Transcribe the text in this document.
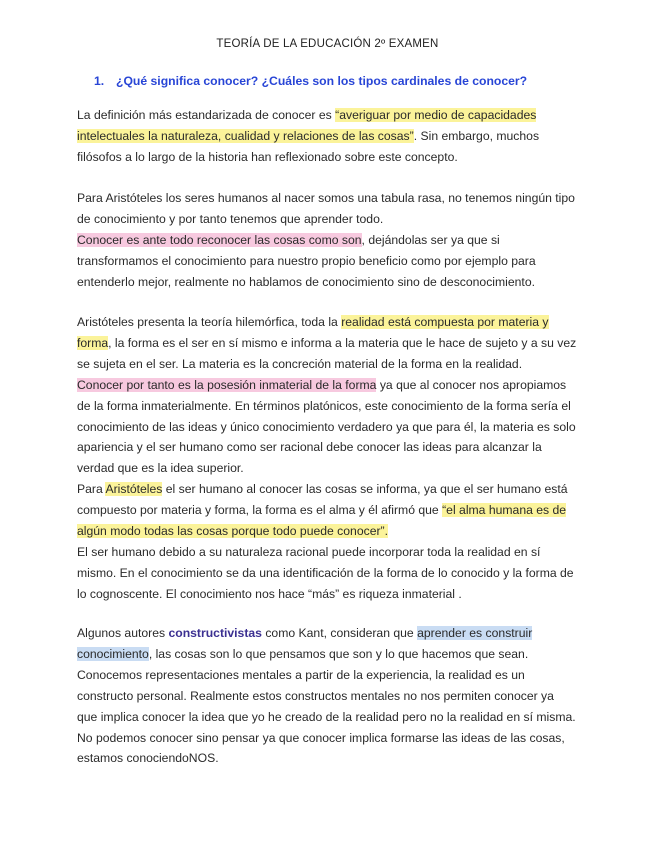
TEORÍA DE LA EDUCACIÓN 2º EXAMEN
1. ¿Qué significa conocer? ¿Cuáles son los tipos cardinales de conocer?

La definición más estandarizada de conocer es “averiguar por medio de capacidades intelectuales la naturaleza, cualidad y relaciones de las cosas”. Sin embargo, muchos filósofos a lo largo de la historia han reflexionado sobre este concepto.

Para Aristóteles los seres humanos al nacer somos una tabula rasa, no tenemos ningún tipo de conocimiento y por tanto tenemos que aprender todo.
Conocer es ante todo reconocer las cosas como son, dejándolas ser ya que si transformamos el conocimiento para nuestro propio beneficio como por ejemplo para entenderlo mejor, realmente no hablamos de conocimiento sino de desconocimiento.

Aristóteles presenta la teoría hilemórfica, toda la realidad está compuesta por materia y forma, la forma es el ser en sí mismo e informa a la materia que le hace de sujeto y a su vez se sujeta en el ser. La materia es la concreción material de la forma en la realidad.
Conocer por tanto es la posesión inmaterial de la forma ya que al conocer nos apropiamos de la forma inmaterialmente. En términos platónicos, este conocimiento de la forma sería el conocimiento de las ideas y único conocimiento verdadero ya que para él, la materia es solo apariencia y el ser humano como ser racional debe conocer las ideas para alcanzar la verdad que es la idea superior.
Para Aristóteles el ser humano al conocer las cosas se informa, ya que el ser humano está compuesto por materia y forma, la forma es el alma y él afirmó que “el alma humana es de algún modo todas las cosas porque todo puede conocer”.
El ser humano debido a su naturaleza racional puede incorporar toda la realidad en sí mismo. En el conocimiento se da una identificación de la forma de lo conocido y la forma de lo cognoscente. El conocimiento nos hace “más” es riqueza inmaterial .

Algunos autores constructivistas como Kant, consideran que aprender es construir conocimiento, las cosas son lo que pensamos que son y lo que hacemos que sean. Conocemos representaciones mentales a partir de la experiencia, la realidad es un constructo personal. Realmente estos constructos mentales no nos permiten conocer ya que implica conocer la idea que yo he creado de la realidad pero no la realidad en sí misma. No podemos conocer sino pensar ya que conocer implica formarse las ideas de las cosas, estamos conociendoNOS.
